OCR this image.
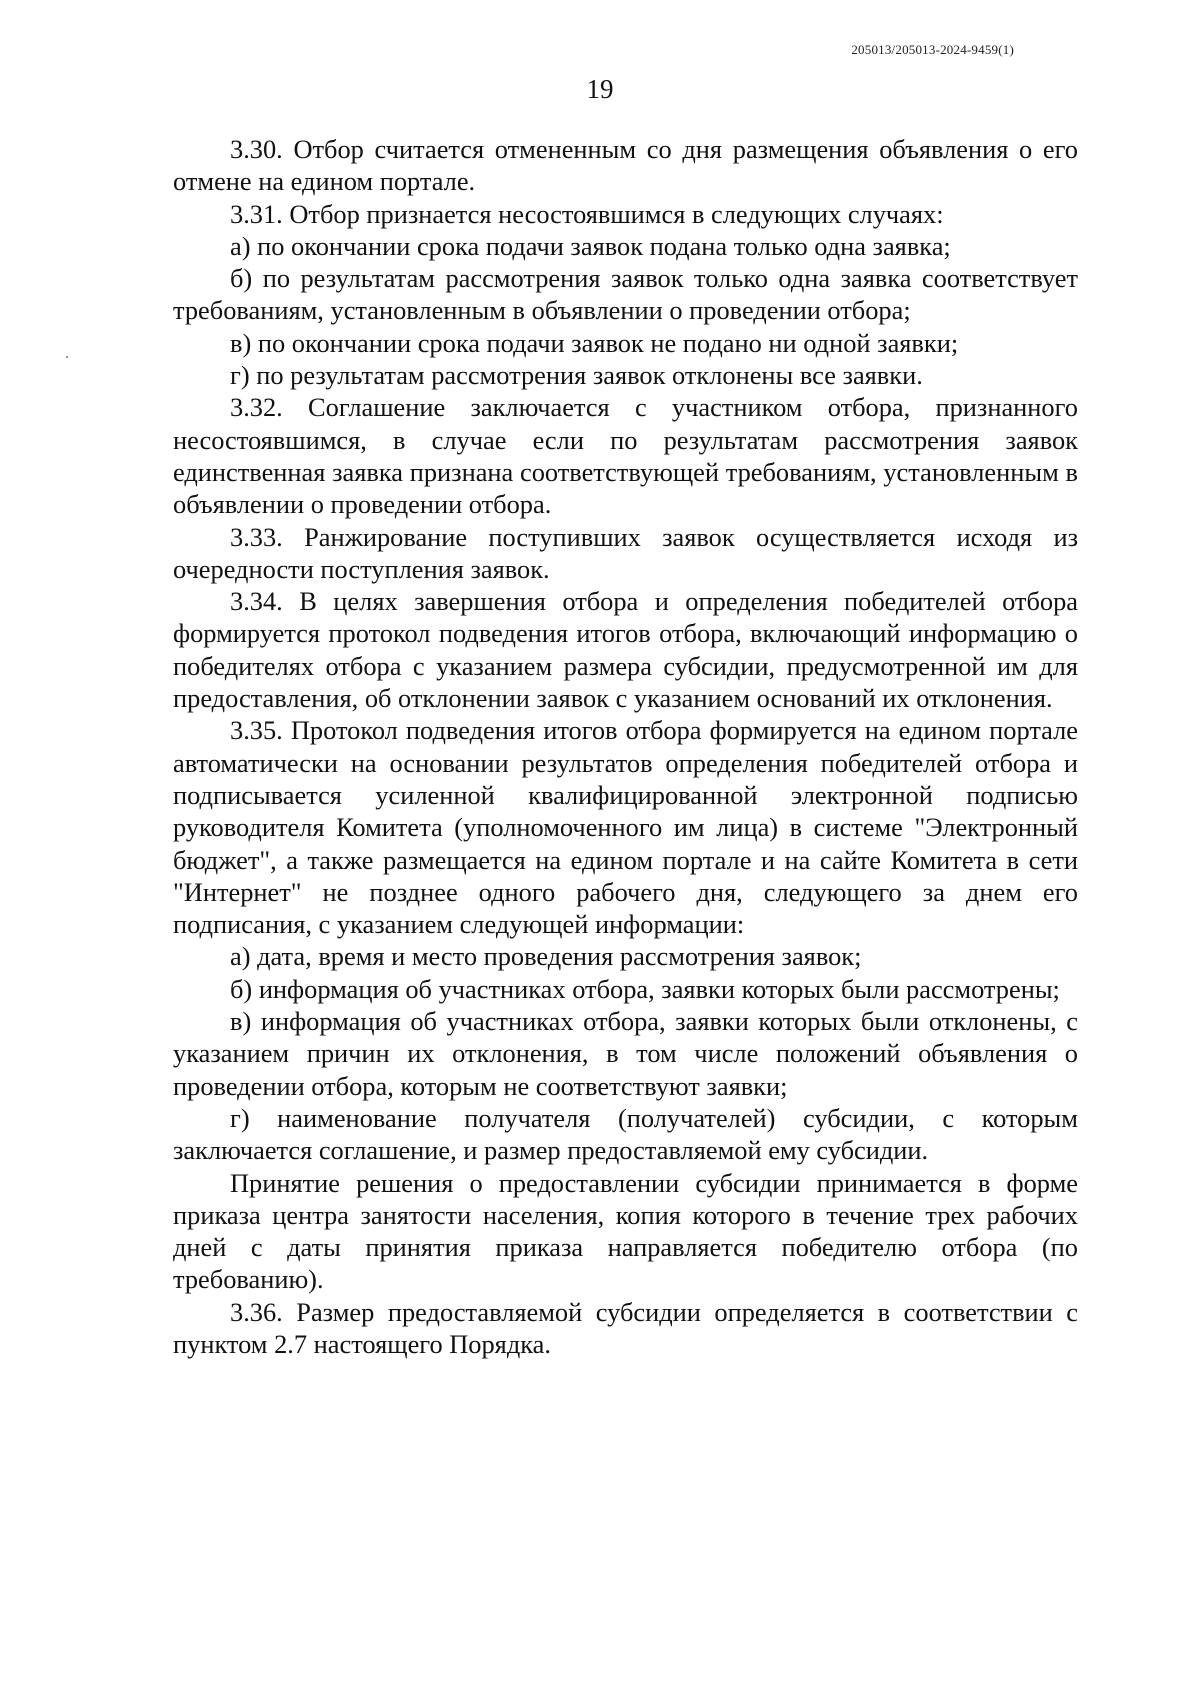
205013/205013-2024-9459(1)
19

3.30. Отбор считается отмененным со дня размещения объявления о его отмене на едином портале.

3.31. Отбор признается несостоявшимся в следующих случаях:

а) по окончании срока подачи заявок подана только одна заявка;

б) по результатам рассмотрения заявок только одна заявка соответствует требованиям, установленным в объявлении о проведении отбора;

в) по окончании срока подачи заявок не подано ни одной заявки;

г) по результатам рассмотрения заявок отклонены все заявки.

3.32. Соглашение заключается с участником отбора, признанного несостоявшимся, в случае если по результатам рассмотрения заявок единственная заявка признана соответствующей требованиям, установленным в объявлении о проведении отбора.

3.33. Ранжирование поступивших заявок осуществляется исходя из очередности поступления заявок.

3.34. В целях завершения отбора и определения победителей отбора формируется протокол подведения итогов отбора, включающий информацию о победителях отбора с указанием размера субсидии, предусмотренной им для предоставления, об отклонении заявок с указанием оснований их отклонения.

3.35. Протокол подведения итогов отбора формируется на едином портале автоматически на основании результатов определения победителей отбора и подписывается усиленной квалифицированной электронной подписью руководителя Комитета (уполномоченного им лица) в системе "Электронный бюджет", а также размещается на едином портале и на сайте Комитета в сети "Интернет" не позднее одного рабочего дня, следующего за днем его подписания, с указанием следующей информации:

а) дата, время и место проведения рассмотрения заявок;

б) информация об участниках отбора, заявки которых были рассмотрены;

в) информация об участниках отбора, заявки которых были отклонены, с указанием причин их отклонения, в том числе положений объявления о проведении отбора, которым не соответствуют заявки;

г) наименование получателя (получателей) субсидии, с которым заключается соглашение, и размер предоставляемой ему субсидии.

Принятие решения о предоставлении субсидии принимается в форме приказа центра занятости населения, копия которого в течение трех рабочих дней с даты принятия приказа направляется победителю отбора (по требованию).

3.36. Размер предоставляемой субсидии определяется в соответствии с пунктом 2.7 настоящего Порядка.
